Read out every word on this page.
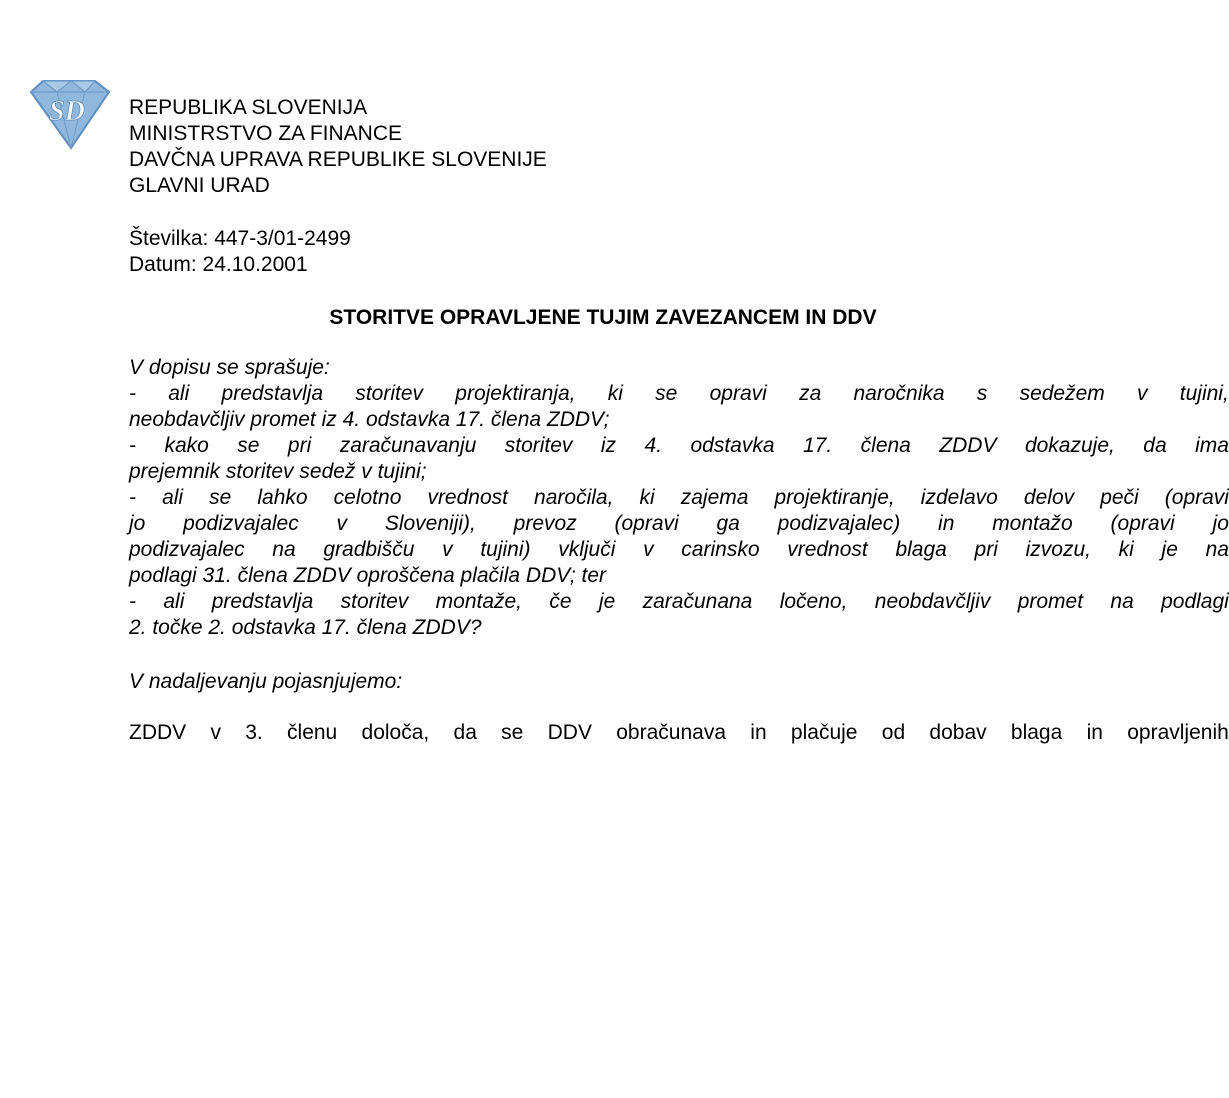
SD REPUBLIKA SLOVENIJA
MINISTRSTVO ZA FINANCE
DAVČNA UPRAVA REPUBLIKE SLOVENIJE
GLAVNI URAD
Številka: 447-3/01-2499
Datum: 24.10.2001
STORITVE OPRAVLJENE TUJIM ZAVEZANCEM IN DDV
V dopisu se sprašuje:
- ali predstavlja storitev projektiranja, ki se opravi za naročnika s sedežem v tujini,
neobdavčljiv promet iz 4. odstavka 17. člena ZDDV;
- kako se pri zaračunavanju storitev iz 4. odstavka 17. člena ZDDV dokazuje, da ima
prejemnik storitev sedež v tujini;
- ali se lahko celotno vrednost naročila, ki zajema projektiranje, izdelavo delov peči (opravi
jo podizvajalec v Sloveniji), prevoz (opravi ga podizvajalec) in montažo (opravi jo
podizvajalec na gradbišču v tujini) vključi v carinsko vrednost blaga pri izvozu, ki je na
podlagi 31. člena ZDDV oproščena plačila DDV; ter
- ali predstavlja storitev montaže, če je zaračunana ločeno, neobdavčljiv promet na podlagi
2. točke 2. odstavka 17. člena ZDDV?
V nadaljevanju pojasnjujemo:
ZDDV v 3. členu določa, da se DDV obračunava in plačuje od dobav blaga in opravljenih
